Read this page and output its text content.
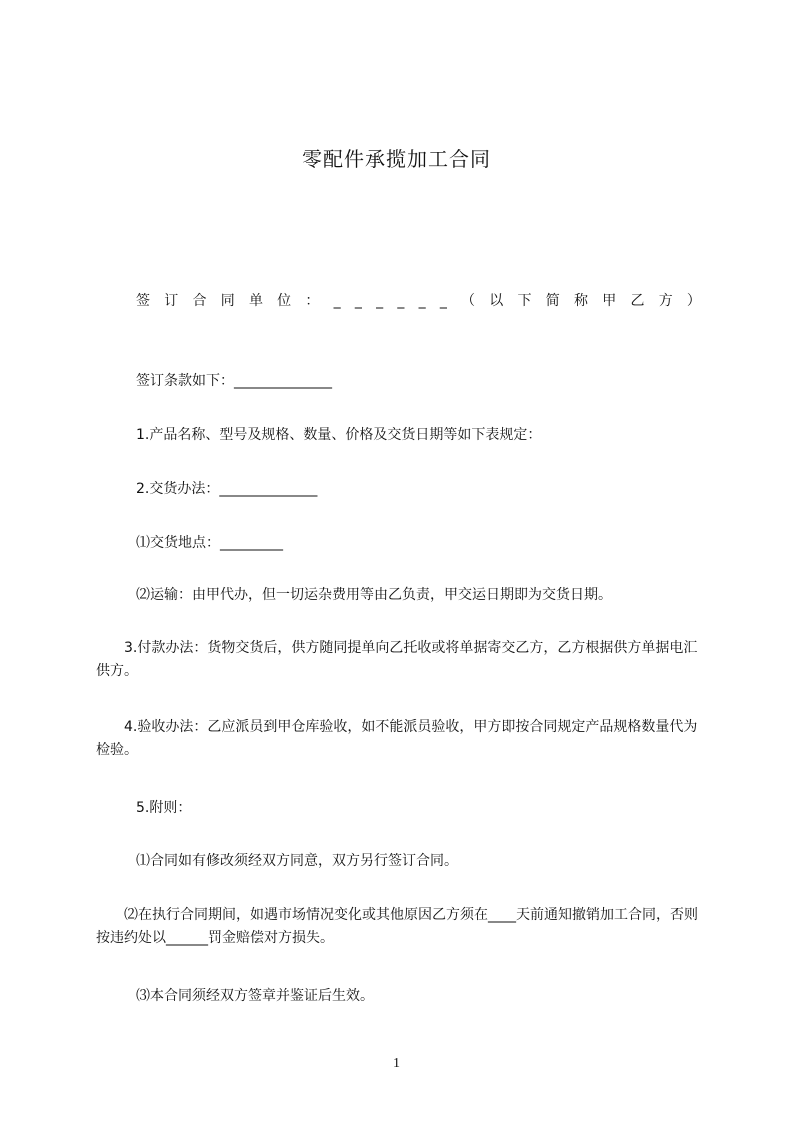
零配件承揽加工合同
签 订 合 同 单 位 ： _ _ _ _ _ _ （ 以 下 简 称 甲 乙 方 ）
签订条款如下：______________
1.产品名称、型号及规格、数量、价格及交货日期等如下表规定：
2.交货办法：______________
⑴交货地点：_________
⑵运输：由甲代办，但一切运杂费用等由乙负责，甲交运日期即为交货日期。
　　3.付款办法：货物交货后，供方随同提单向乙托收或将单据寄交乙方，乙方根据供方单据电汇供方。
　　4.验收办法：乙应派员到甲仓库验收，如不能派员验收，甲方即按合同规定产品规格数量代为检验。
5.附则：
⑴合同如有修改须经双方同意，双方另行签订合同。
　　⑵在执行合同期间，如遇市场情况变化或其他原因乙方须在____天前通知撤销加工合同，否则按违约处以______罚金赔偿对方损失。
⑶本合同须经双方签章并鉴证后生效。
1
